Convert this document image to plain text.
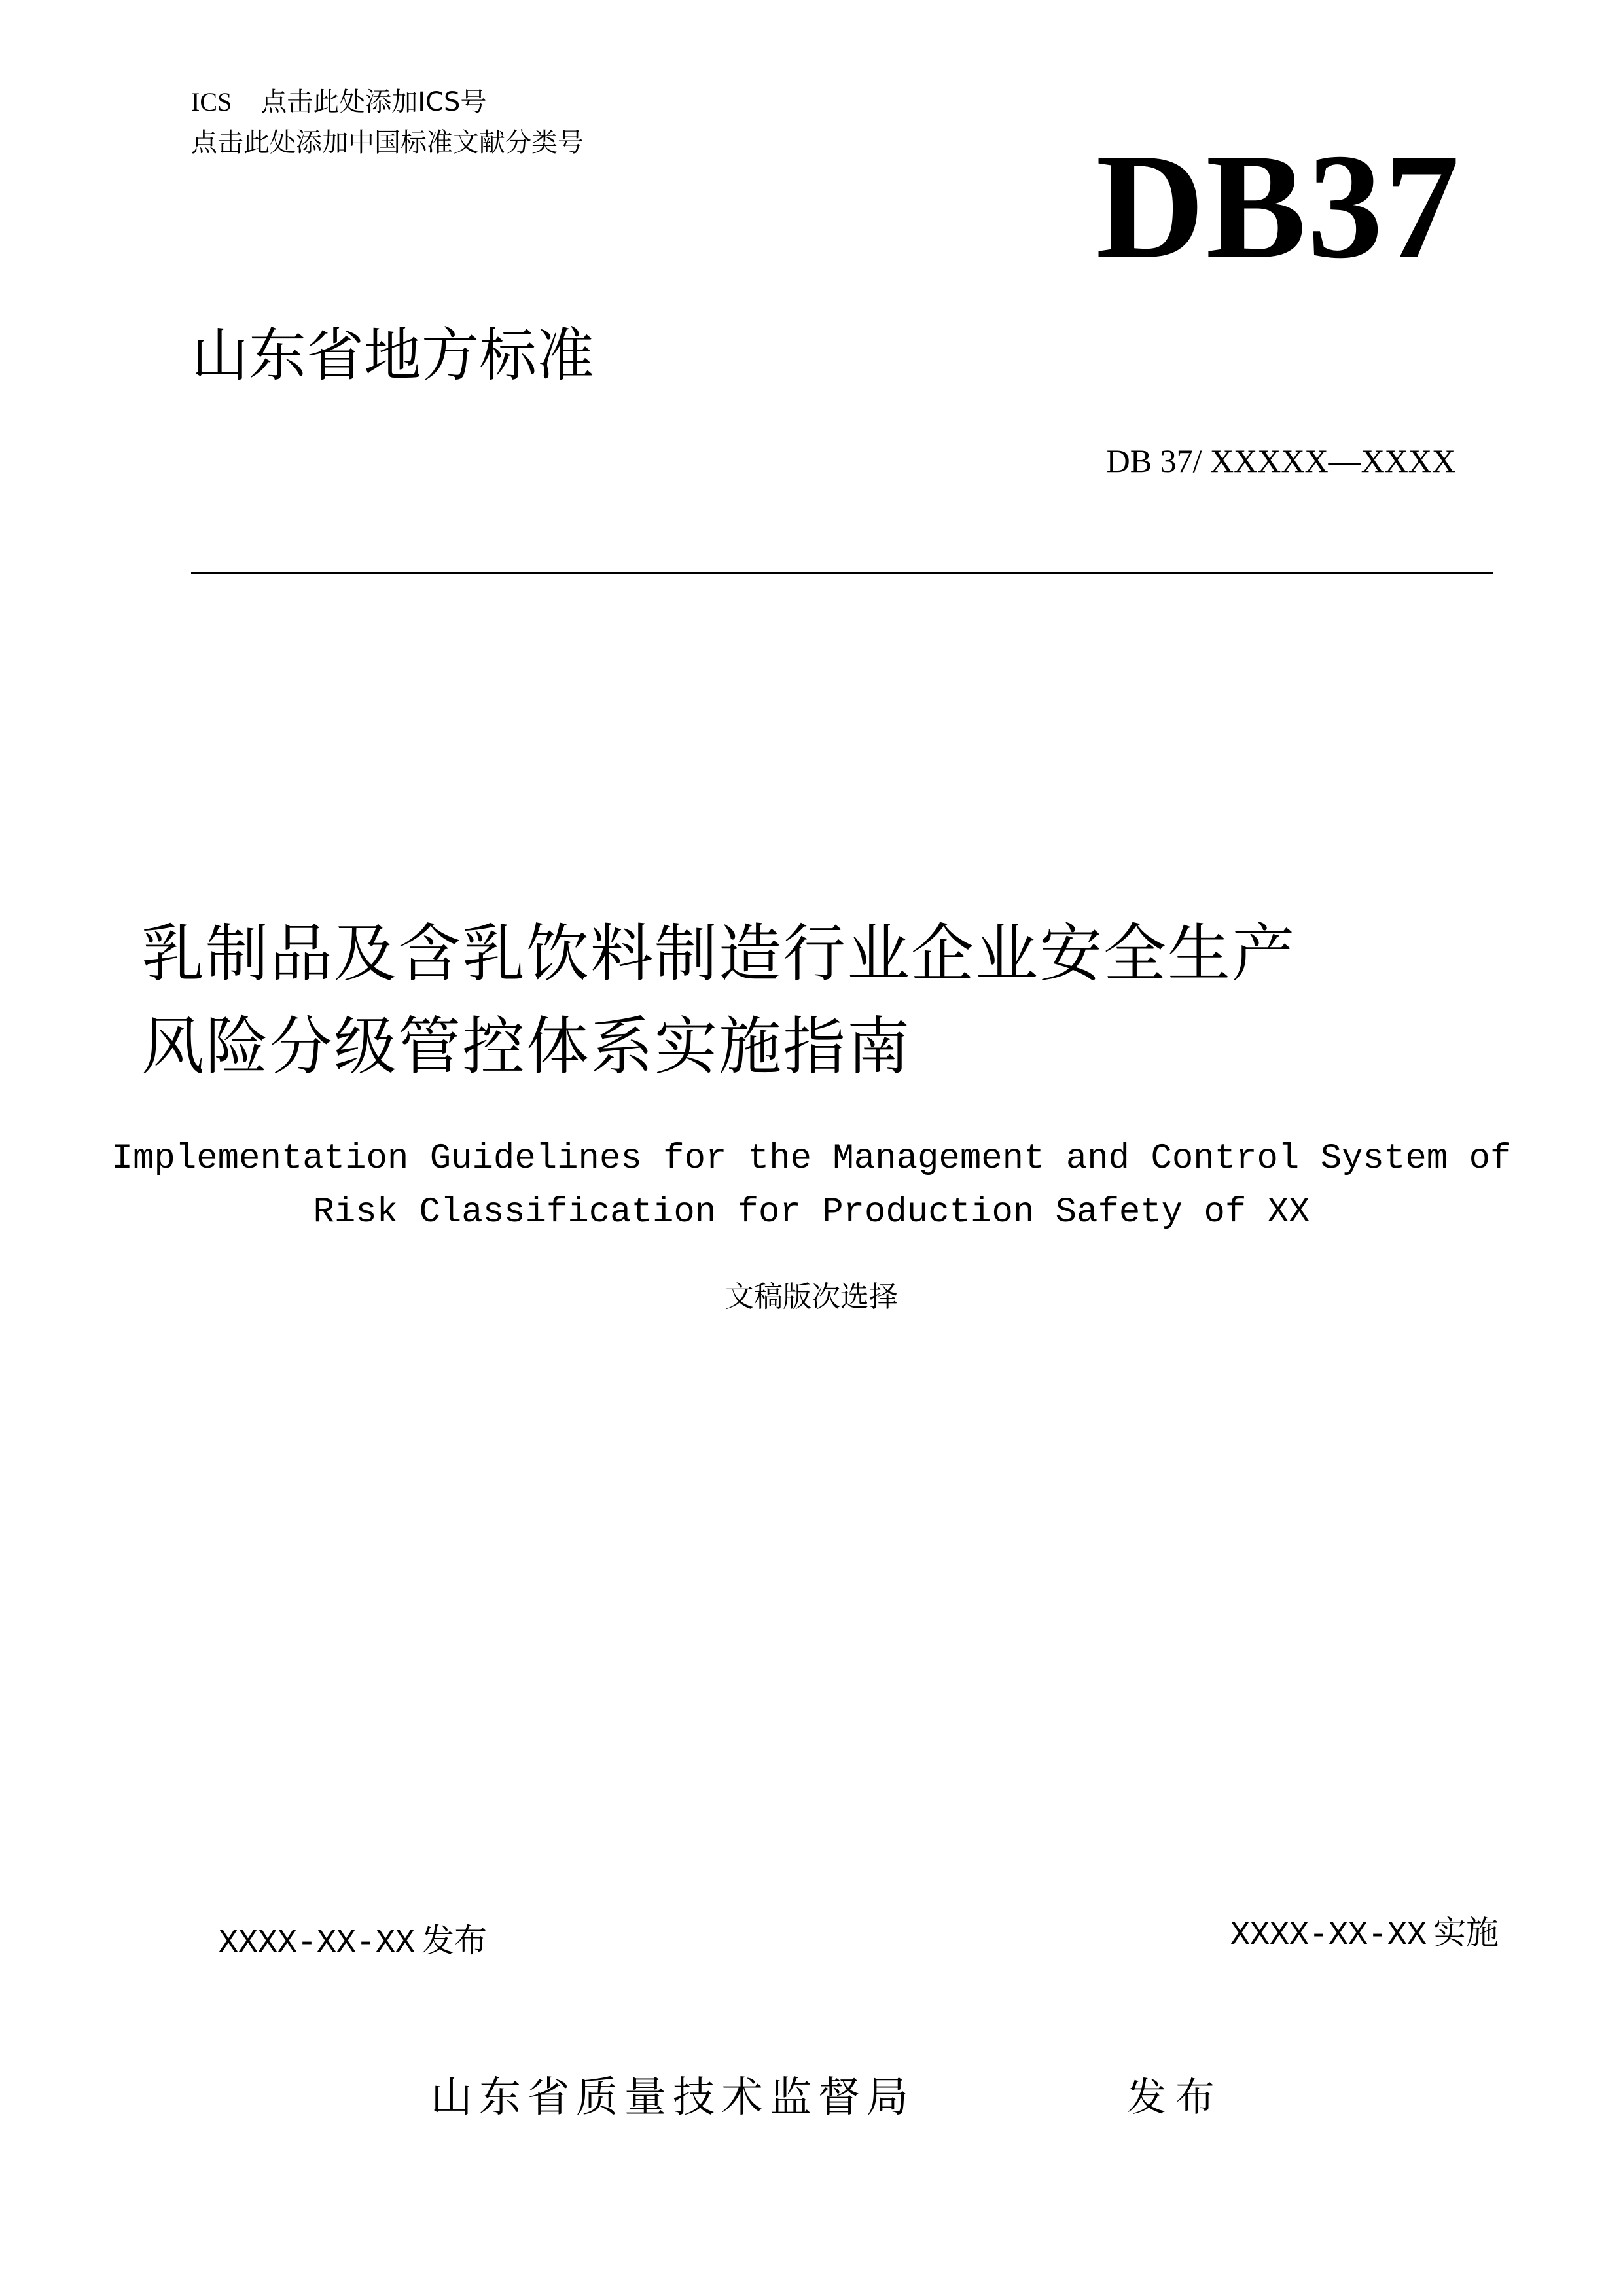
ICS 点击此处添加ICS号
点击此处添加中国标准文献分类号	DB37
山东省地方标准
DB 37/ XXXXX—XXXX
乳制品及含乳饮料制造行业企业安全生产
风险分级管控体系实施指南
Implementation Guidelines for the Management and Control System of
Risk Classification for Production Safety of XX
文稿版次选择
XXXX-XX-XX 发布	XXXX-XX-XX 实施
山东省质量技术监督局	发布
